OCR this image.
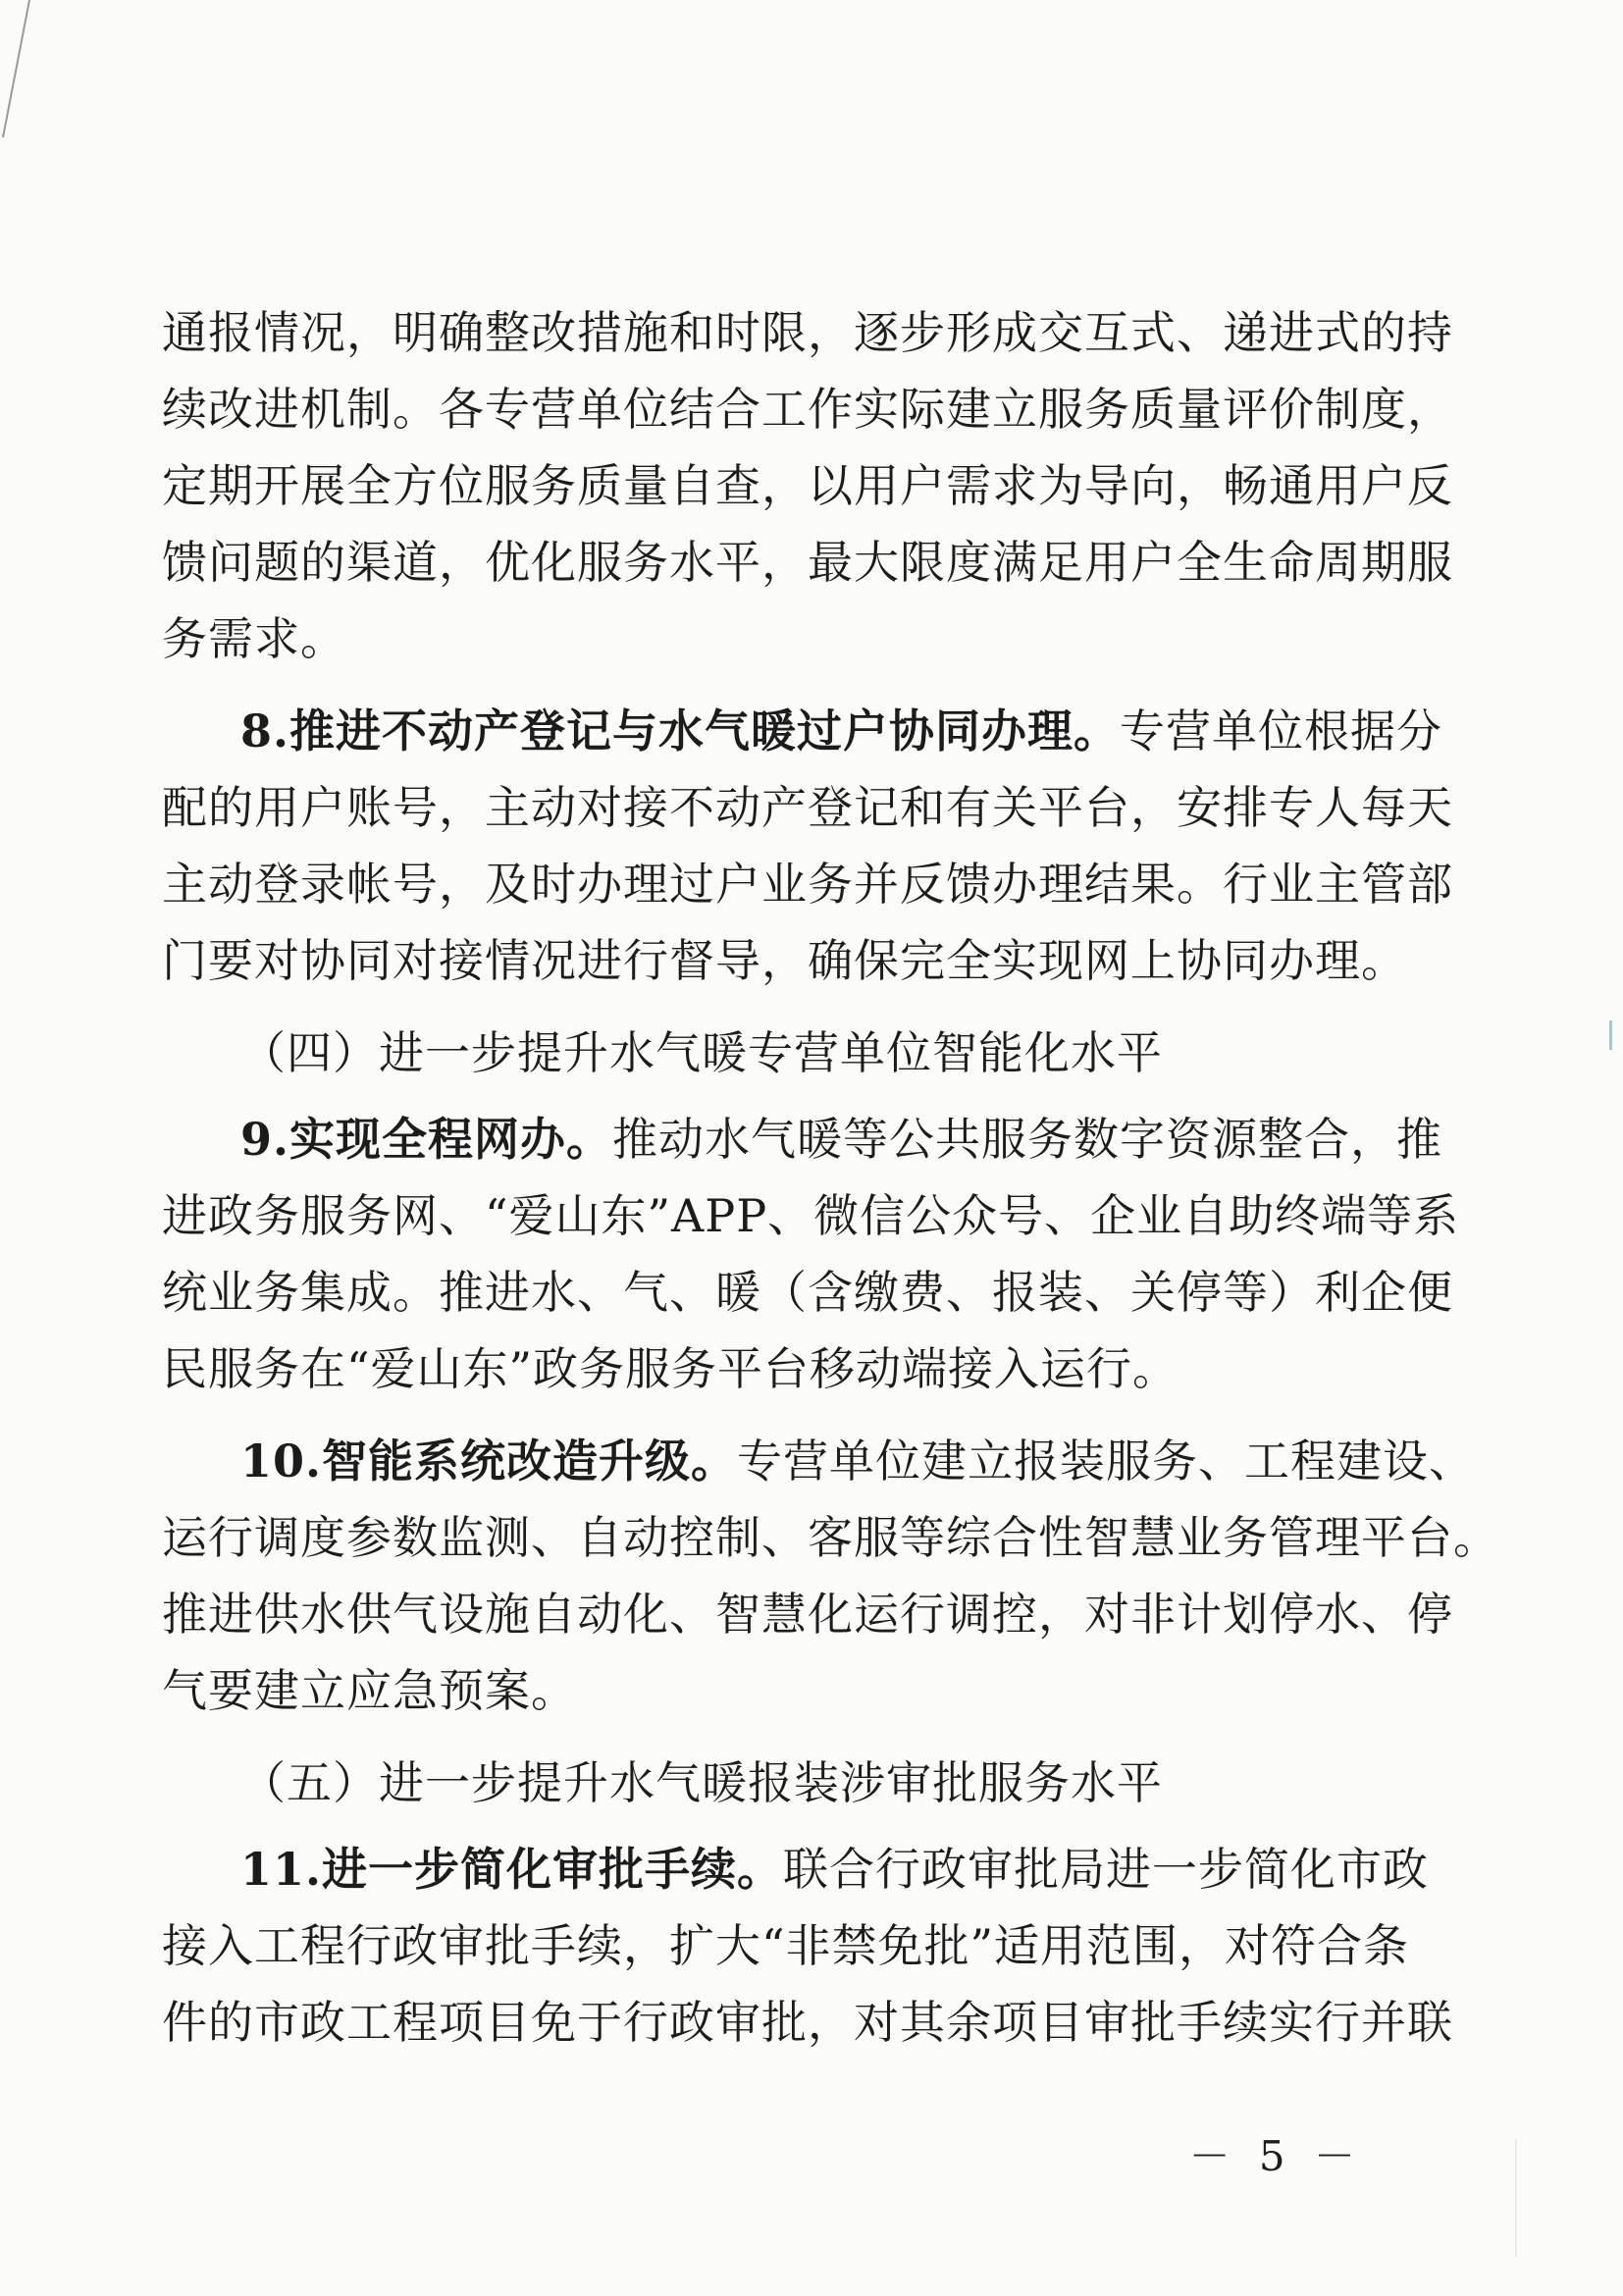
通报情况，明确整改措施和时限，逐步形成交互式、递进式的持
续改进机制。各专营单位结合工作实际建立服务质量评价制度，
定期开展全方位服务质量自查，以用户需求为导向，畅通用户反
馈问题的渠道，优化服务水平，最大限度满足用户全生命周期服
务需求。
8.推进不动产登记与水气暖过户协同办理。专营单位根据分
配的用户账号，主动对接不动产登记和有关平台，安排专人每天
主动登录帐号，及时办理过户业务并反馈办理结果。行业主管部
门要对协同对接情况进行督导，确保完全实现网上协同办理。
（四）进一步提升水气暖专营单位智能化水平
9.实现全程网办。推动水气暖等公共服务数字资源整合，推
进政务服务网、“爱山东”APP、微信公众号、企业自助终端等系
统业务集成。推进水、气、暖（含缴费、报装、关停等）利企便
民服务在“爱山东”政务服务平台移动端接入运行。
10.智能系统改造升级。专营单位建立报装服务、工程建设、
运行调度参数监测、自动控制、客服等综合性智慧业务管理平台。
推进供水供气设施自动化、智慧化运行调控，对非计划停水、停
气要建立应急预案。
（五）进一步提升水气暖报装涉审批服务水平
11.进一步简化审批手续。联合行政审批局进一步简化市政
接入工程行政审批手续，扩大“非禁免批”适用范围，对符合条
件的市政工程项目免于行政审批，对其余项目审批手续实行并联
－ 5 －
